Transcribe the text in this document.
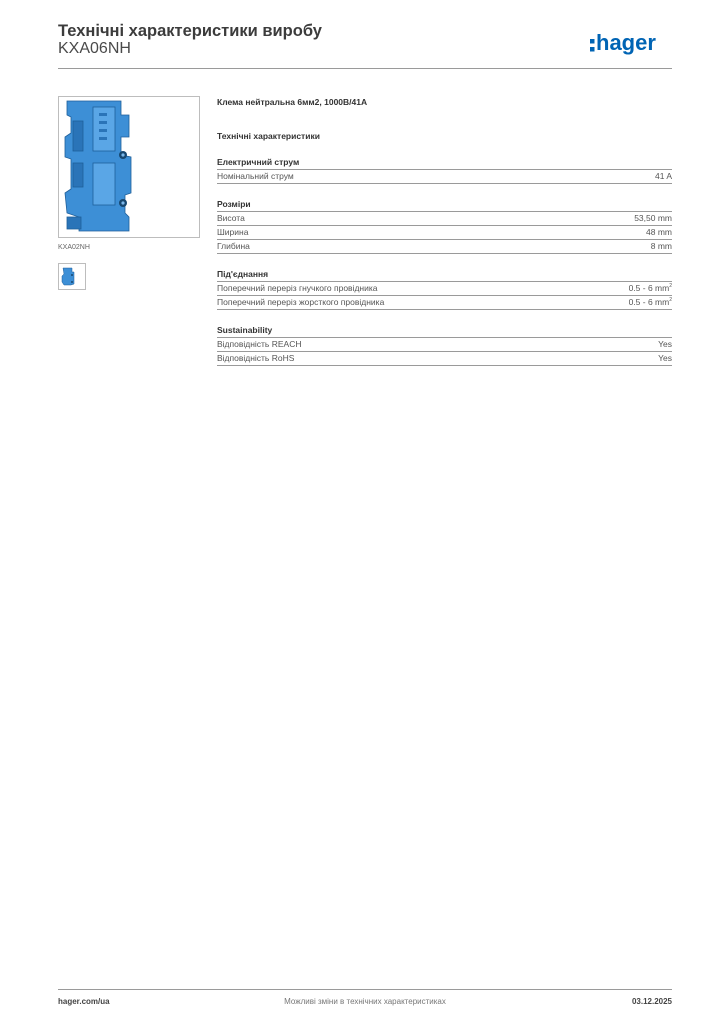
Технічні характеристики виробу
KXA06NH	hager
KXA02NH
Клема нейтральна 6мм2, 1000В/41А
Технічні характеристики
Електричний струм
Номінальний струм	41 A
Розміри
Висота	53,50 mm
Ширина	48 mm
Глибина	8 mm
Під'єднання
Поперечний переріз гнучкого провідника	0.5 - 6 $mm^2$
Поперечний переріз жорсткого провідника	0.5 - 6 $mm^2$
Sustainability
Відповідність REACH	Yes
Відповідність RoHS	Yes
hager.com/ua	Можливі зміни в технічних характеристиках	03.12.2025
